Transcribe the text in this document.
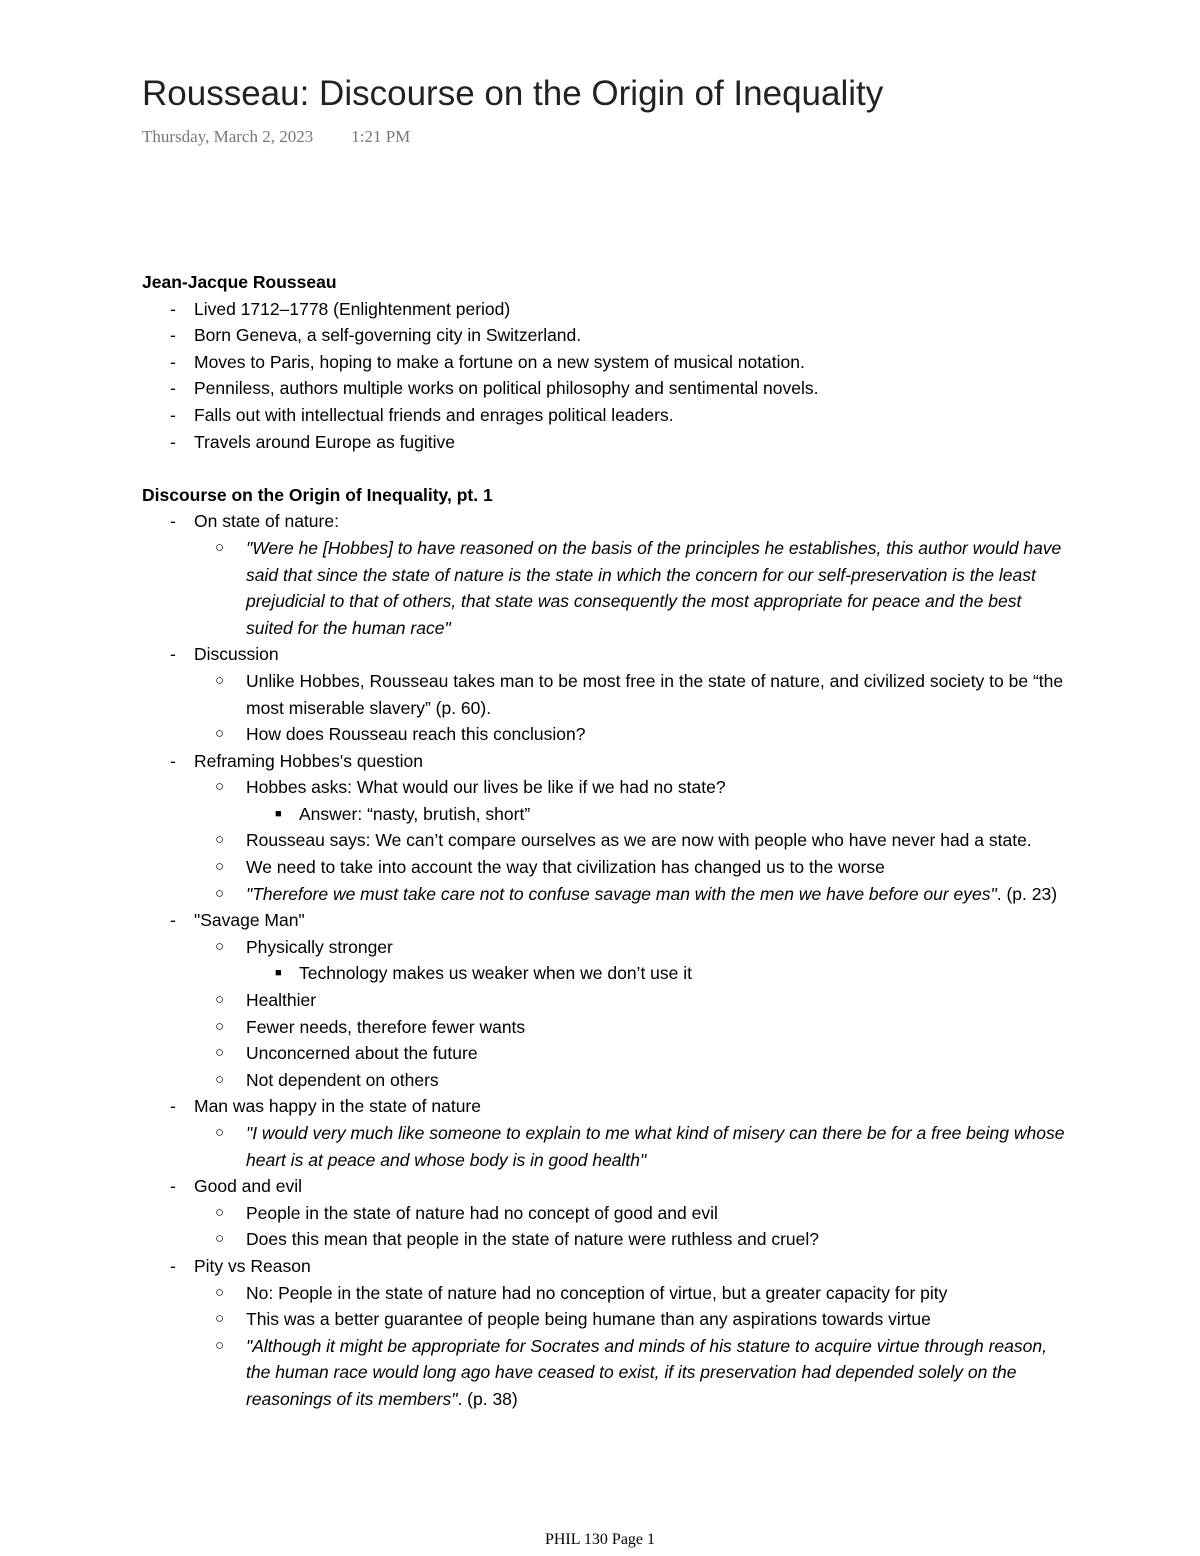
Rousseau: Discourse on the Origin of Inequality
Thursday, March 2, 2023 1:21 PM
Jean-Jacque Rousseau
- Lived 1712–1778 (Enlightenment period)
- Born Geneva, a self-governing city in Switzerland.
- Moves to Paris, hoping to make a fortune on a new system of musical notation.
- Penniless, authors multiple works on political philosophy and sentimental novels.
- Falls out with intellectual friends and enrages political leaders.
- Travels around Europe as fugitive
Discourse on the Origin of Inequality, pt. 1
- On state of nature:
○ "Were he [Hobbes] to have reasoned on the basis of the principles he establishes, this author would have said that since the state of nature is the state in which the concern for our self-preservation is the least prejudicial to that of others, that state was consequently the most appropriate for peace and the best suited for the human race"
- Discussion
○ Unlike Hobbes, Rousseau takes man to be most free in the state of nature, and civilized society to be “the most miserable slavery” (p. 60).
○ How does Rousseau reach this conclusion?
- Reframing Hobbes's question
○ Hobbes asks: What would our lives be like if we had no state?
■ Answer: “nasty, brutish, short”
○ Rousseau says: We can’t compare ourselves as we are now with people who have never had a state.
○ We need to take into account the way that civilization has changed us to the worse
○ "Therefore we must take care not to confuse savage man with the men we have before our eyes". (p. 23)
- "Savage Man"
○ Physically stronger
■ Technology makes us weaker when we don’t use it
○ Healthier
○ Fewer needs, therefore fewer wants
○ Unconcerned about the future
○ Not dependent on others
- Man was happy in the state of nature
○ "I would very much like someone to explain to me what kind of misery can there be for a free being whose heart is at peace and whose body is in good health"
- Good and evil
○ People in the state of nature had no concept of good and evil
○ Does this mean that people in the state of nature were ruthless and cruel?
- Pity vs Reason
○ No: People in the state of nature had no conception of virtue, but a greater capacity for pity
○ This was a better guarantee of people being humane than any aspirations towards virtue
○ "Although it might be appropriate for Socrates and minds of his stature to acquire virtue through reason, the human race would long ago have ceased to exist, if its preservation had depended solely on the reasonings of its members". (p. 38)
PHIL 130 Page 1
